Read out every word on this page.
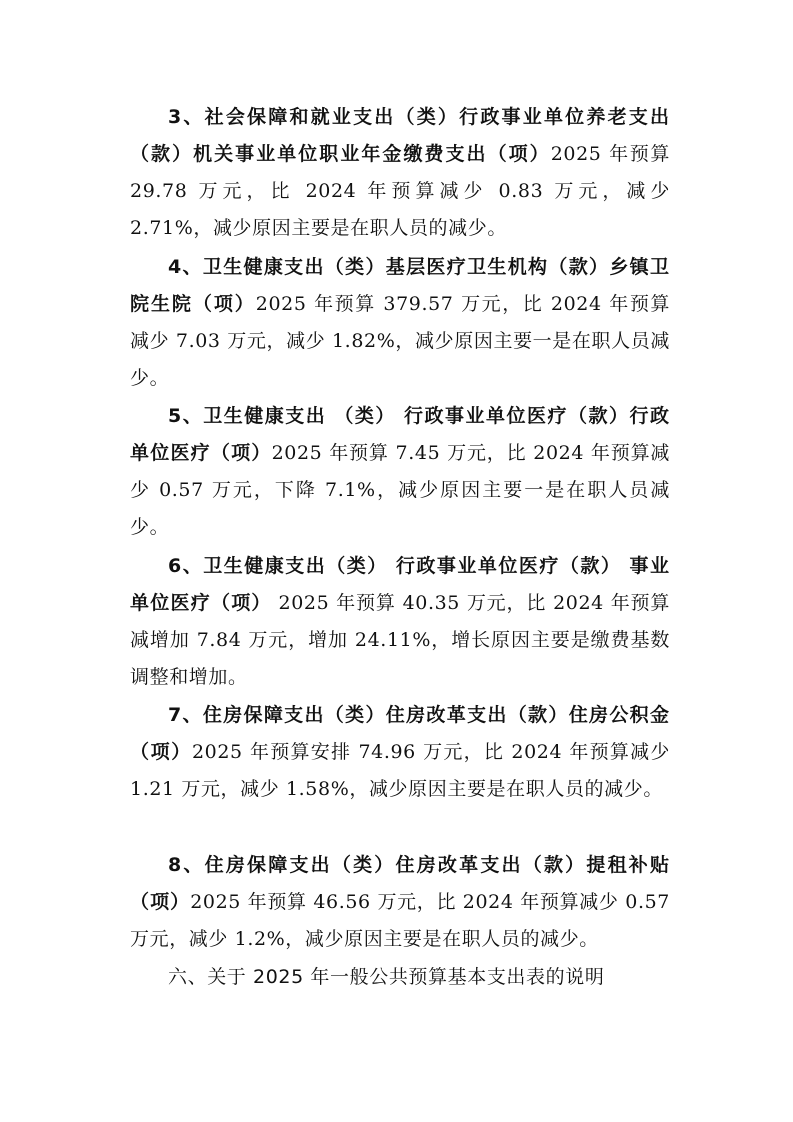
3、社会保障和就业支出（类）行政事业单位养老支出（款）机关事业单位职业年金缴费支出（项）2025 年预算 29.78 万元，比 2024 年预算减少 0.83 万元，减少 2.71%，减少原因主要是在职人员的减少。

4、卫生健康支出（类）基层医疗卫生机构（款）乡镇卫院生院（项）2025 年预算 379.57 万元，比 2024 年预算减少 7.03 万元，减少 1.82%，减少原因主要一是在职人员减少。

5、卫生健康支出 （类） 行政事业单位医疗（款）行政单位医疗（项）2025 年预算 7.45 万元，比 2024 年预算减少 0.57 万元，下降 7.1%，减少原因主要一是在职人员减少。

6、卫生健康支出（类） 行政事业单位医疗（款） 事业单位医疗（项） 2025 年预算 40.35 万元，比 2024 年预算减增加 7.84 万元，增加 24.11%，增长原因主要是缴费基数调整和增加。

7、住房保障支出（类）住房改革支出（款）住房公积金（项）2025 年预算安排 74.96 万元，比 2024 年预算减少 1.21 万元，减少 1.58%，减少原因主要是在职人员的减少。

8、住房保障支出（类）住房改革支出（款）提租补贴（项）2025 年预算 46.56 万元，比 2024 年预算减少 0.57 万元，减少 1.2%，减少原因主要是在职人员的减少。

六、关于 2025 年一般公共预算基本支出表的说明
